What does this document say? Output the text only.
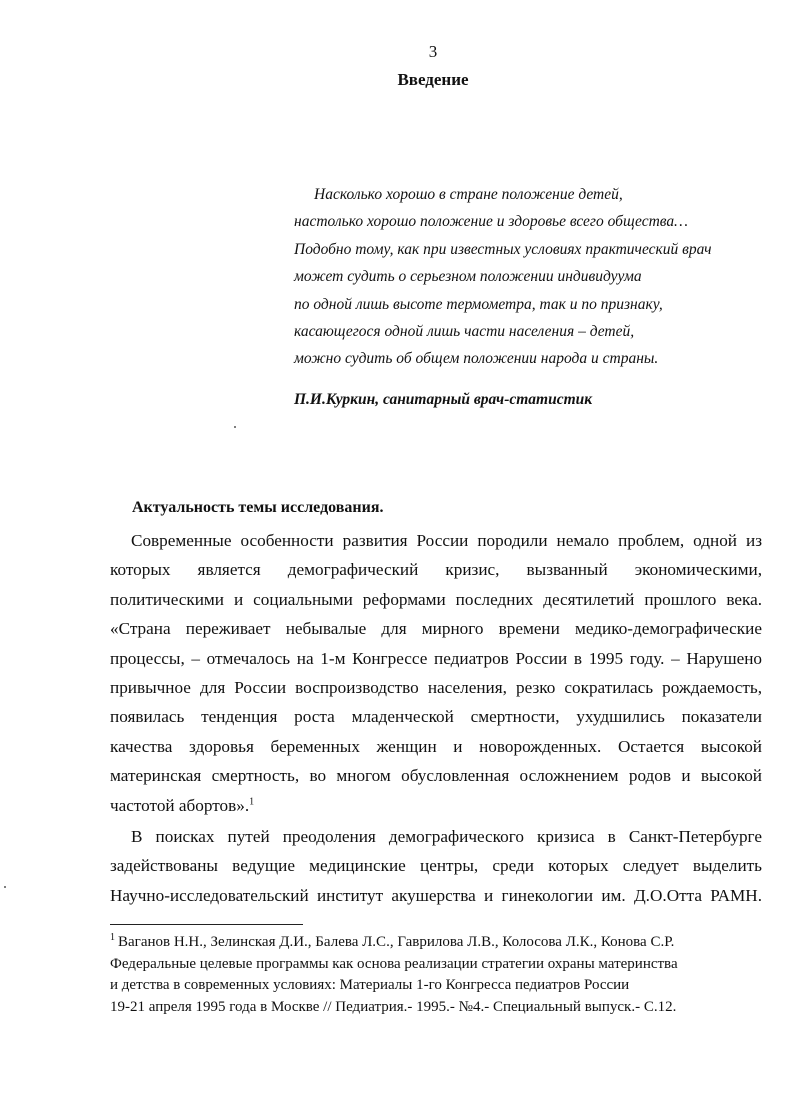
3
Введение
Насколько хорошо в стране положение детей,
настолько хорошо положение и здоровье всего общества…
Подобно тому, как при известных условиях практический врач
может судить о серьезном положении индивидуума
по одной лишь высоте термометра, так и по признаку,
касающегося одной лишь части населения – детей,
можно судить об общем положении народа и страны.
П.И.Куркин, санитарный врач-статистик
Актуальность темы исследования.
Современные особенности развития России породили немало проблем, одной из
которых является демографический кризис, вызванный экономическими,
политическими и социальными реформами последних десятилетий прошлого века.
«Страна переживает небывалые для мирного времени медико-демографические
процессы, – отмечалось на 1-м Конгрессе педиатров России в 1995 году. – Нарушено
привычное для России воспроизводство населения, резко сократилась рождаемость,
появилась тенденция роста младенческой смертности, ухудшились показатели
качества здоровья беременных женщин и новорожденных. Остается высокой
материнская смертность, во многом обусловленная осложнением родов и высокой
частотой абортов».$^1$
В поисках путей преодоления демографического кризиса в Санкт-Петербурге
задействованы ведущие медицинские центры, среди которых следует выделить
Научно-исследовательский институт акушерства и гинекологии им. Д.О.Отта РАМН.
$^1$ Ваганов Н.Н., Зелинская Д.И., Балева Л.С., Гаврилова Л.В., Колосова Л.К., Конова С.Р.
Федеральные целевые программы как основа реализации стратегии охраны материнства
и детства в современных условиях: Материалы 1-го Конгресса педиатров России
19-21 апреля 1995 года в Москве // Педиатрия.- 1995.- №4.- Специальный выпуск.- С.12.
